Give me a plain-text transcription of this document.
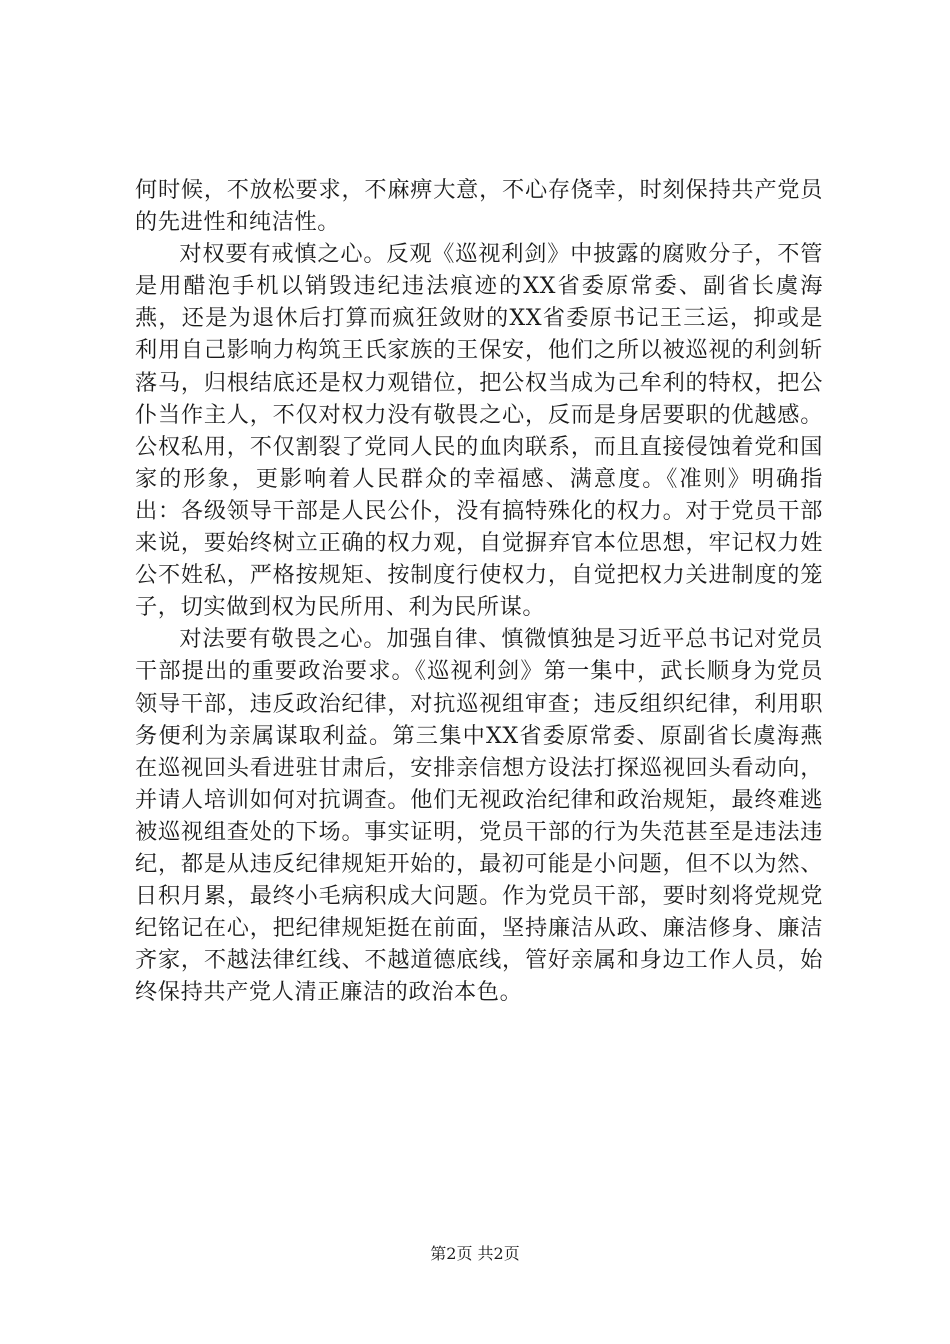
何时候，不放松要求，不麻痹大意，不心存侥幸，时刻保持共产党员的先进性和纯洁性。

对权要有戒慎之心。反观《巡视利剑》中披露的腐败分子，不管是用醋泡手机以销毁违纪违法痕迹的XX省委原常委、副省长虞海燕，还是为退休后打算而疯狂敛财的XX省委原书记王三运，抑或是利用自己影响力构筑王氏家族的王保安，他们之所以被巡视的利剑斩落马，归根结底还是权力观错位，把公权当成为己牟利的特权，把公仆当作主人，不仅对权力没有敬畏之心，反而是身居要职的优越感。公权私用，不仅割裂了党同人民的血肉联系，而且直接侵蚀着党和国家的形象，更影响着人民群众的幸福感、满意度。《准则》明确指出：各级领导干部是人民公仆，没有搞特殊化的权力。对于党员干部来说，要始终树立正确的权力观，自觉摒弃官本位思想，牢记权力姓公不姓私，严格按规矩、按制度行使权力，自觉把权力关进制度的笼子，切实做到权为民所用、利为民所谋。

对法要有敬畏之心。加强自律、慎微慎独是习近平总书记对党员干部提出的重要政治要求。《巡视利剑》第一集中，武长顺身为党员领导干部，违反政治纪律，对抗巡视组审查；违反组织纪律，利用职务便利为亲属谋取利益。第三集中XX省委原常委、原副省长虞海燕在巡视回头看进驻甘肃后，安排亲信想方设法打探巡视回头看动向，并请人培训如何对抗调查。他们无视政治纪律和政治规矩，最终难逃被巡视组查处的下场。事实证明，党员干部的行为失范甚至是违法违纪，都是从违反纪律规矩开始的，最初可能是小问题，但不以为然、日积月累，最终小毛病积成大问题。作为党员干部，要时刻将党规党纪铭记在心，把纪律规矩挺在前面，坚持廉洁从政、廉洁修身、廉洁齐家，不越法律红线、不越道德底线，管好亲属和身边工作人员，始终保持共产党人清正廉洁的政治本色。

第2页 共2页
